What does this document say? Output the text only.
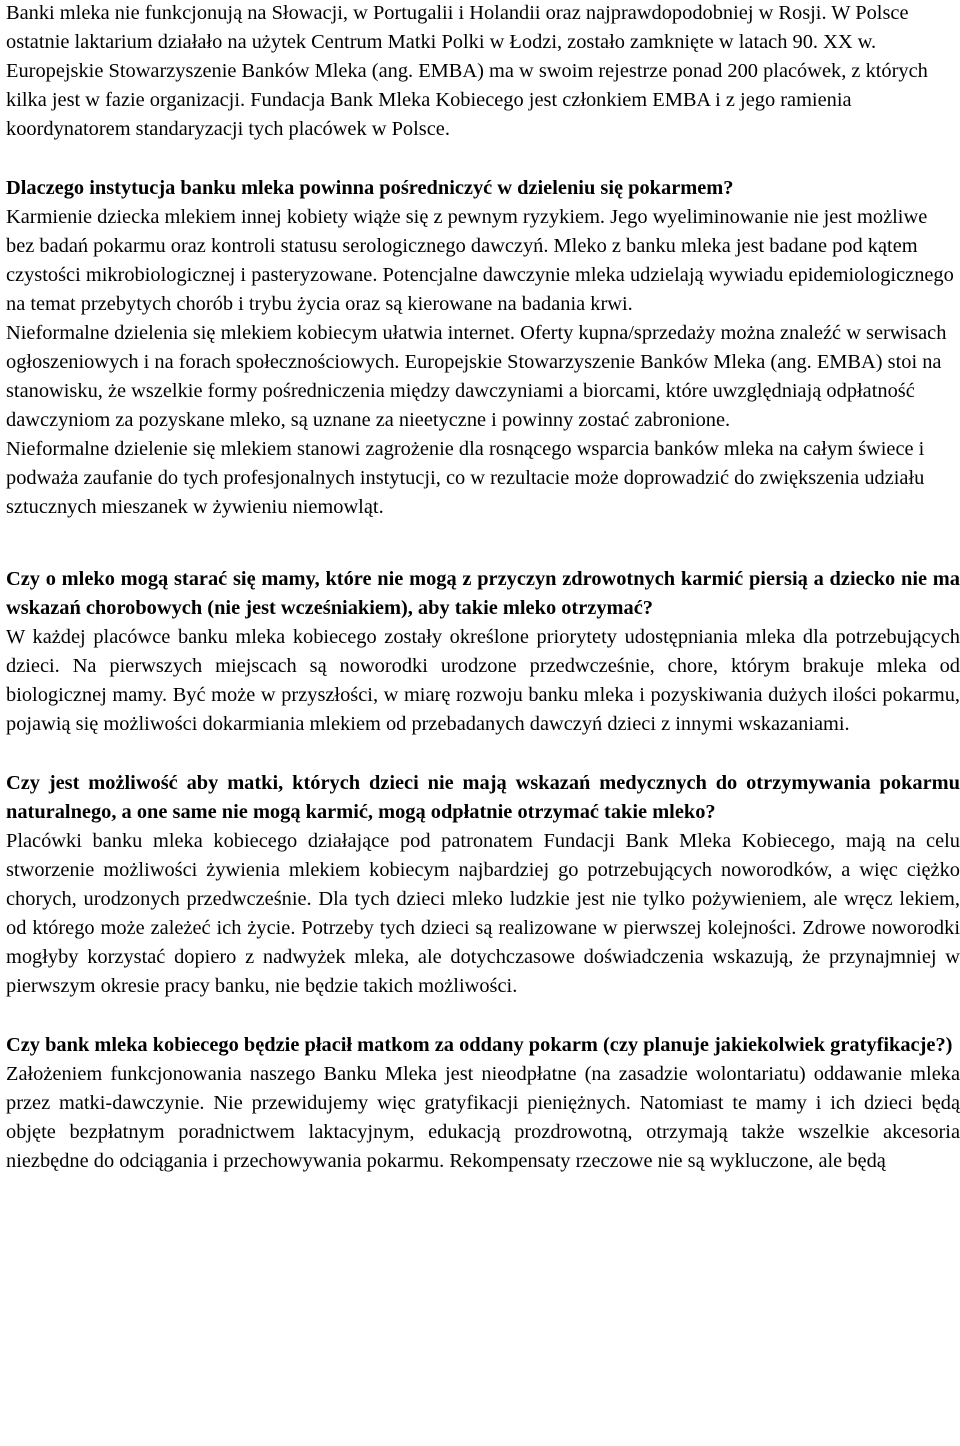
Banki mleka nie funkcjonują na Słowacji, w Portugalii i Holandii oraz najprawdopodobniej w Rosji. W Polsce ostatnie laktarium działało na użytek Centrum Matki Polki w Łodzi, zostało zamknięte w latach 90. XX w.

Europejskie Stowarzyszenie Banków Mleka (ang. EMBA) ma w swoim rejestrze ponad 200 placówek, z których kilka jest w fazie organizacji. Fundacja Bank Mleka Kobiecego jest członkiem EMBA i z jego ramienia koordynatorem standaryzacji tych placówek w Polsce.

Dlaczego instytucja banku mleka powinna pośredniczyć w dzieleniu się pokarmem?

Karmienie dziecka mlekiem innej kobiety wiąże się z pewnym ryzykiem. Jego wyeliminowanie nie jest możliwe bez badań pokarmu oraz kontroli statusu serologicznego dawczyń. Mleko z banku mleka jest badane pod kątem czystości mikrobiologicznej i pasteryzowane. Potencjalne dawczynie mleka udzielają wywiadu epidemiologicznego na temat przebytych chorób i trybu życia oraz są kierowane na badania krwi.

Nieformalne dzielenia się mlekiem kobiecym ułatwia internet. Oferty kupna/sprzedaży można znaleźć w serwisach ogłoszeniowych i na forach społecznościowych. Europejskie Stowarzyszenie Banków Mleka (ang. EMBA) stoi na stanowisku, że wszelkie formy pośredniczenia między dawczyniami a biorcami, które uwzględniają odpłatność dawczyniom za pozyskane mleko, są uznane za nieetyczne i powinny zostać zabronione.

Nieformalne dzielenie się mlekiem stanowi zagrożenie dla rosnącego wsparcia banków mleka na całym świece i podważa zaufanie do tych profesjonalnych instytucji, co w rezultacie może doprowadzić do zwiększenia udziału sztucznych mieszanek w żywieniu niemowląt.

Czy o mleko mogą starać się mamy, które nie mogą z przyczyn zdrowotnych karmić piersią a dziecko nie ma wskazań chorobowych (nie jest wcześniakiem), aby takie mleko otrzymać?

W każdej placówce banku mleka kobiecego zostały określone priorytety udostępniania mleka dla potrzebujących dzieci. Na pierwszych miejscach są noworodki urodzone przedwcześnie, chore, którym brakuje mleka od biologicznej mamy. Być może w przyszłości, w miarę rozwoju banku mleka i pozyskiwania dużych ilości pokarmu, pojawią się możliwości dokarmiania mlekiem od przebadanych dawczyń dzieci z innymi wskazaniami.

Czy jest możliwość aby matki, których dzieci nie mają wskazań medycznych do otrzymywania pokarmu naturalnego, a one same nie mogą karmić, mogą odpłatnie otrzymać takie mleko?

Placówki banku mleka kobiecego działające pod patronatem Fundacji Bank Mleka Kobiecego, mają na celu stworzenie możliwości żywienia mlekiem kobiecym najbardziej go potrzebujących noworodków, a więc ciężko chorych, urodzonych przedwcześnie. Dla tych dzieci mleko ludzkie jest nie tylko pożywieniem, ale wręcz lekiem, od którego może zależeć ich życie. Potrzeby tych dzieci są realizowane w pierwszej kolejności. Zdrowe noworodki mogłyby korzystać dopiero z nadwyżek mleka, ale dotychczasowe doświadczenia wskazują, że przynajmniej w pierwszym okresie pracy banku, nie będzie takich możliwości.

Czy bank mleka kobiecego będzie płacił matkom za oddany pokarm (czy planuje jakiekolwiek gratyfikacje?)

Założeniem funkcjonowania naszego Banku Mleka jest nieodpłatne (na zasadzie wolontariatu) oddawanie mleka przez matki-dawczynie. Nie przewidujemy więc gratyfikacji pieniężnych. Natomiast te mamy i ich dzieci będą objęte bezpłatnym poradnictwem laktacyjnym, edukacją prozdrowotną, otrzymają także wszelkie akcesoria niezbędne do odciągania i przechowywania pokarmu. Rekompensaty rzeczowe nie są wykluczone, ale będą
